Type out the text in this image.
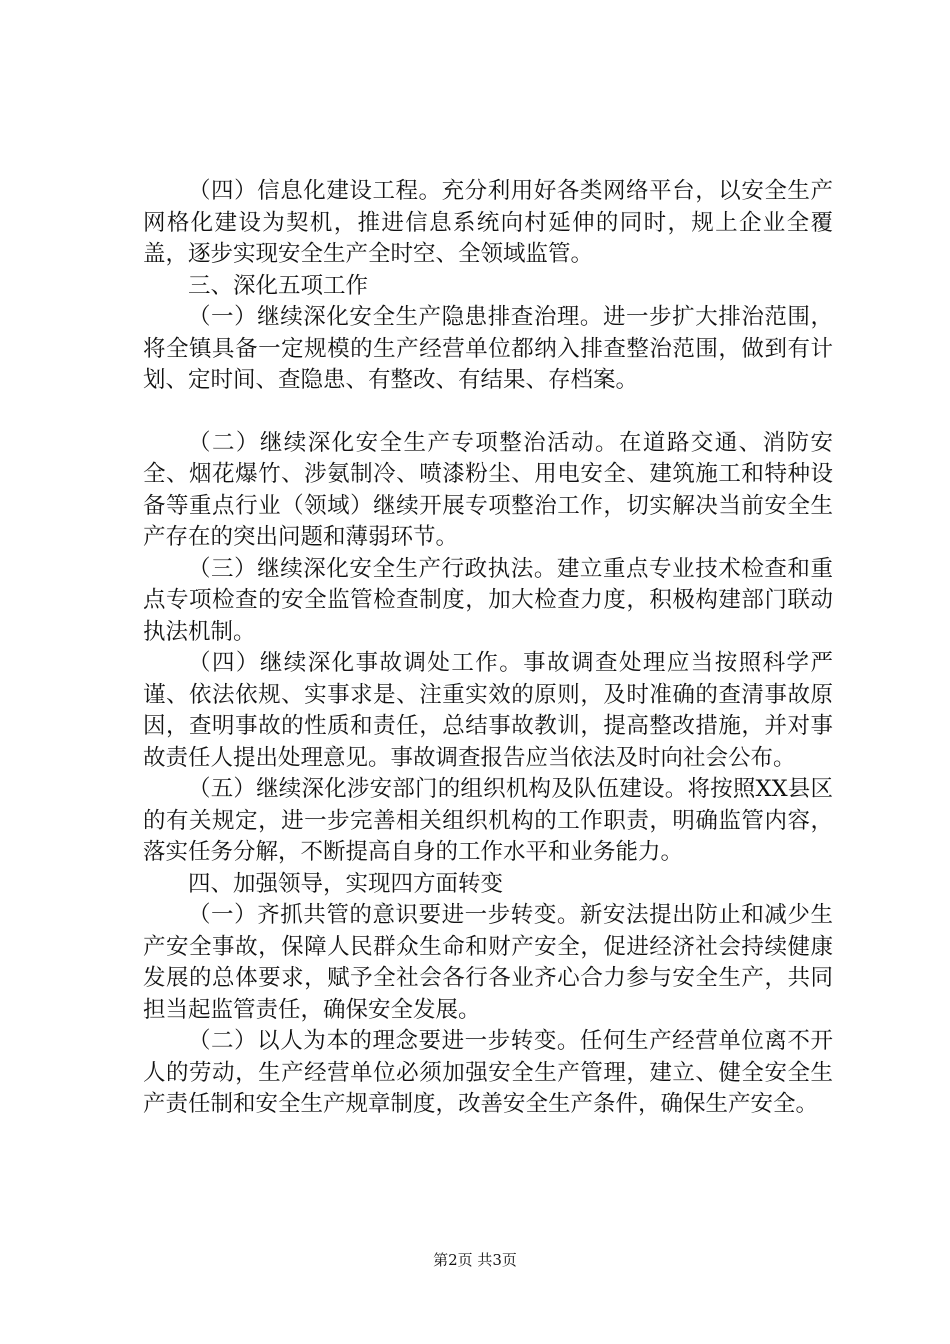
（四）信息化建设工程。充分利用好各类网络平台，以安全生产网格化建设为契机，推进信息系统向村延伸的同时，规上企业全覆盖，逐步实现安全生产全时空、全领域监管。

三、深化五项工作

（一）继续深化安全生产隐患排查治理。进一步扩大排治范围，将全镇具备一定规模的生产经营单位都纳入排查整治范围，做到有计划、定时间、查隐患、有整改、有结果、存档案。

（二）继续深化安全生产专项整治活动。在道路交通、消防安全、烟花爆竹、涉氨制冷、喷漆粉尘、用电安全、建筑施工和特种设备等重点行业（领域）继续开展专项整治工作，切实解决当前安全生产存在的突出问题和薄弱环节。

（三）继续深化安全生产行政执法。建立重点专业技术检查和重点专项检查的安全监管检查制度，加大检查力度，积极构建部门联动执法机制。

（四）继续深化事故调处工作。事故调查处理应当按照科学严谨、依法依规、实事求是、注重实效的原则，及时准确的查清事故原因，查明事故的性质和责任，总结事故教训，提高整改措施，并对事故责任人提出处理意见。事故调查报告应当依法及时向社会公布。

（五）继续深化涉安部门的组织机构及队伍建设。将按照XX县区的有关规定，进一步完善相关组织机构的工作职责，明确监管内容，落实任务分解，不断提高自身的工作水平和业务能力。

四、加强领导，实现四方面转变

（一）齐抓共管的意识要进一步转变。新安法提出防止和减少生产安全事故，保障人民群众生命和财产安全，促进经济社会持续健康发展的总体要求，赋予全社会各行各业齐心合力参与安全生产，共同担当起监管责任，确保安全发展。

（二）以人为本的理念要进一步转变。任何生产经营单位离不开人的劳动，生产经营单位必须加强安全生产管理，建立、健全安全生产责任制和安全生产规章制度，改善安全生产条件，确保生产安全。

第2页 共3页
